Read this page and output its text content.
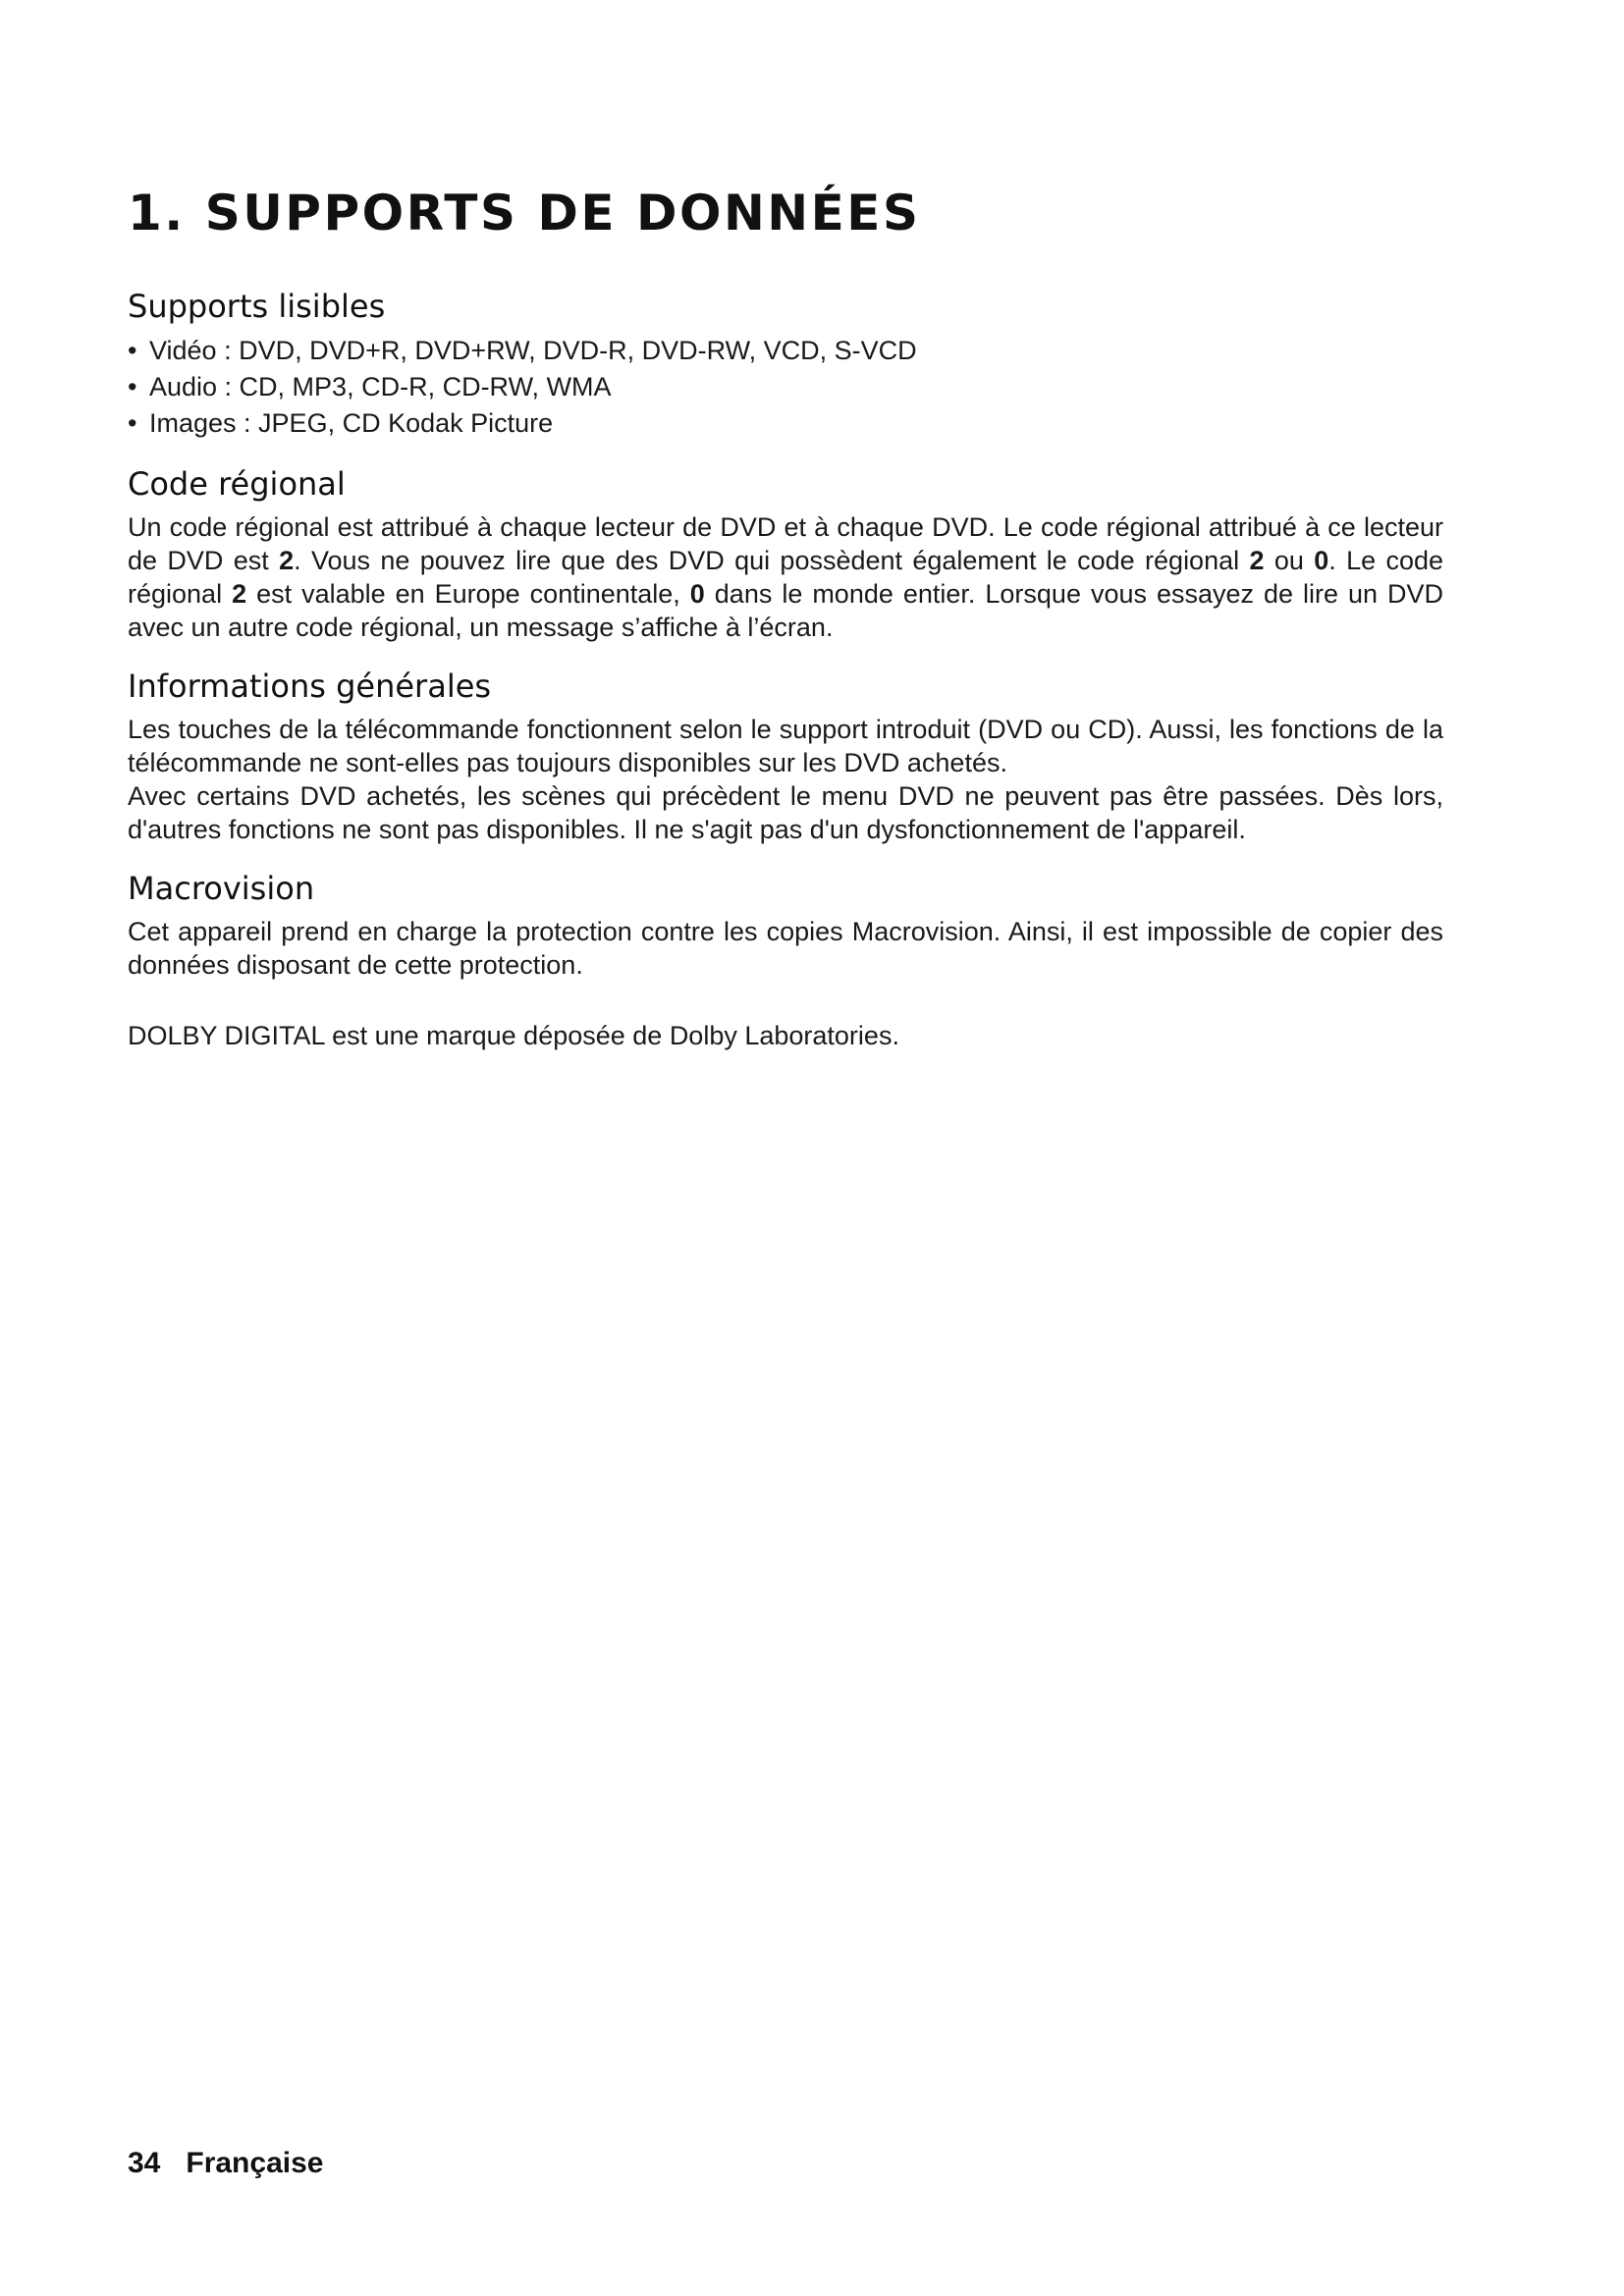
1. SUPPORTS DE DONNÉES
Supports lisibles
• Vidéo : DVD, DVD+R, DVD+RW, DVD-R, DVD-RW, VCD, S-VCD
• Audio : CD, MP3, CD-R, CD-RW, WMA
• Images : JPEG, CD Kodak Picture
Code régional

Un code régional est attribué à chaque lecteur de DVD et à chaque DVD. Le code régional attribué à ce lecteur de DVD est 2. Vous ne pouvez lire que des DVD qui possèdent également le code régional 2 ou 0. Le code régional 2 est valable en Europe continentale, 0 dans le monde entier. Lorsque vous essayez de lire un DVD avec un autre code régional, un message s’affiche à l’écran.

Informations générales

Les touches de la télécommande fonctionnent selon le support introduit (DVD ou CD). Aussi, les fonctions de la télécommande ne sont-elles pas toujours disponibles sur les DVD achetés.

Avec certains DVD achetés, les scènes qui précèdent le menu DVD ne peuvent pas être passées. Dès lors, d'autres fonctions ne sont pas disponibles. Il ne s'agit pas d'un dysfonctionnement de l'appareil.

Macrovision

Cet appareil prend en charge la protection contre les copies Macrovision. Ainsi, il est impossible de copier des données disposant de cette protection.

DOLBY DIGITAL est une marque déposée de Dolby Laboratories.

34 Française
